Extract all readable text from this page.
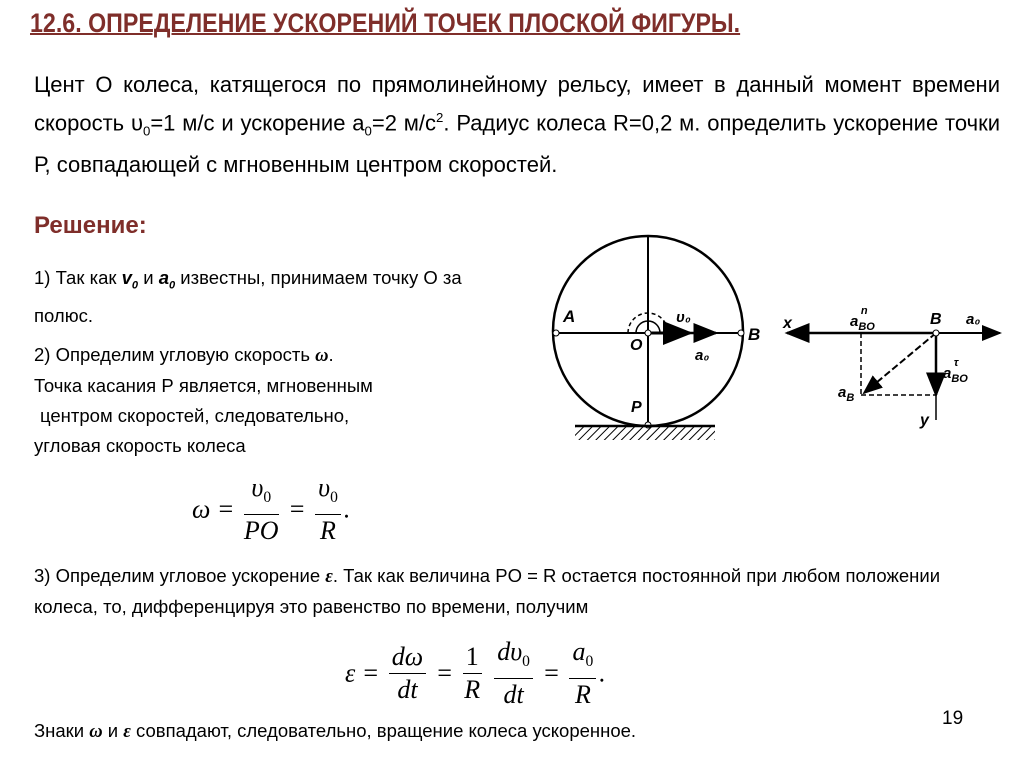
12.6. ОПРЕДЕЛЕНИЕ УСКОРЕНИЙ ТОЧЕК ПЛОСКОЙ ФИГУРЫ.
Цент О колеса, катящегося по прямолинейному рельсу, имеет в данный момент времени скорость $\upsilon_0=1$ м/с и ускорение $а_0=2$ $м/с^2$. Радиус колеса R=0,2 м. определить ускорение точки Р, совпадающей с мгновенным центром скоростей.
Решение:
1) Так как $v_0$ и $a_0$ известны, принимаем точку О за полюс.
2) Определим угловую скорость ω.
Точка касания Р является, мгновенным
центром скоростей, следовательно,
угловая скорость колеса
$\omega = \frac{\upsilon_0}{PO} = \frac{\upsilon_0}{R}$ .
3) Определим угловое ускорение ε. Так как величина PO = R остается постоянной при любом положении колеса, то, дифференцируя это равенство по времени, получим
$\varepsilon = \frac{d\omega}{dt} = \frac{1}{R}$
$\frac{d\upsilon_0}{dt} = \frac{a_0}{R}$ .
Знаки ω и ε совпадают, следовательно, вращение колеса ускоренное.
19
A
B
O
P
υ₀
a₀
x
y
B a₀
$a_{BO}n$
$a_{BO}\tau$
$a_B$
